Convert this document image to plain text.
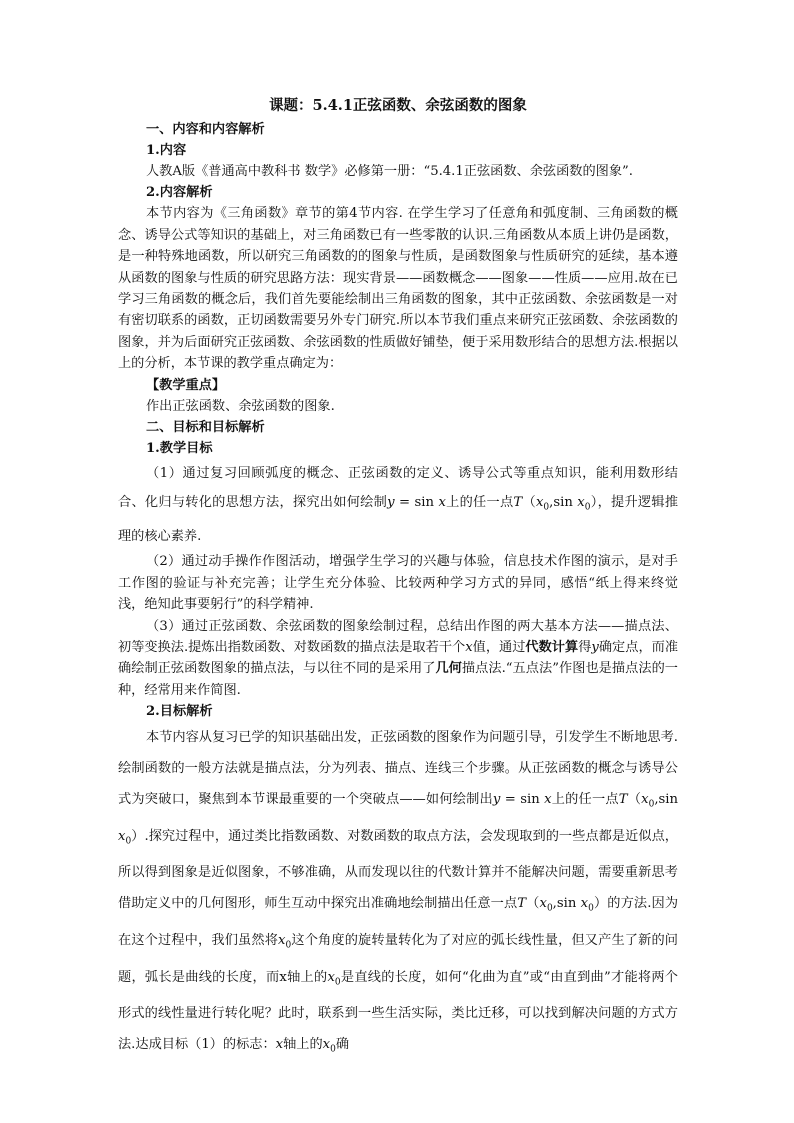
课题：5.4.1正弦函数、余弦函数的图象
一、内容和内容解析
1.内容

人教A版《普通高中教科书 数学》必修第一册：“5.4.1正弦函数、余弦函数的图象”.

2.内容解析

本节内容为《三角函数》章节的第4节内容. 在学生学习了任意角和弧度制、三角函数的概念、诱导公式等知识的基础上，对三角函数已有一些零散的认识.三角函数从本质上讲仍是函数，是一种特殊地函数，所以研究三角函数的的图象与性质，是函数图象与性质研究的延续，基本遵从函数的图象与性质的研究思路方法：现实背景——函数概念——图象——性质——应用.故在已学习三角函数的概念后，我们首先要能绘制出三角函数的图象，其中正弦函数、余弦函数是一对有密切联系的函数，正切函数需要另外专门研究.所以本节我们重点来研究正弦函数、余弦函数的图象，并为后面研究正弦函数、余弦函数的性质做好铺垫，便于采用数形结合的思想方法.根据以上的分析，本节课的教学重点确定为：

【教学重点】
作出正弦函数、余弦函数的图象.
二、目标和目标解析
1.教学目标

（1）通过复习回顾弧度的概念、正弦函数的定义、诱导公式等重点知识，能利用数形结合、化归与转化的思想方法，探究出如何绘制y = sin x上的任一点$T(x_0,\sin$ $x_0$），提升逻辑推理的核心素养.

（2）通过动手操作作图活动，增强学生学习的兴趣与体验，信息技术作图的演示，是对手工作图的验证与补充完善；让学生充分体验、比较两种学习方式的异同，感悟“纸上得来终觉浅，绝知此事要躬行”的科学精神.

（3）通过正弦函数、余弦函数的图象绘制过程，总结出作图的两大基本方法——描点法、初等变换法.提炼出指数函数、对数函数的描点法是取若干个x值，通过代数计算得y确定点，而准确绘制正弦函数图象的描点法，与以往不同的是采用了几何描点法.“五点法”作图也是描点法的一种，经常用来作简图.

2.目标解析

本节内容从复习已学的知识基础出发，正弦函数的图象作为问题引导，引发学生不断地思考.绘制函数的一般方法就是描点法，分为列表、描点、连线三个步骤。从正弦函数的概念与诱导公式为突破口，聚焦到本节课最重要的一个突破点——如何绘制出y = sin x上的任一点$T(x_0,\sin$ $x_0$）.探究过程中，通过类比指数函数、对数函数的取点方法，会发现取到的一些点都是近似点，所以得到图象是近似图象，不够准确，从而发现以往的代数计算并不能解决问题，需要重新思考借助定义中的几何图形，师生互动中探究出准确地绘制描出任意一点$T(x_0,\sin$ $x_0$）的方法.因为在这个过程中，我们虽然将$x_0$这个角度的旋转量转化为了对应的弧长线性量，但又产生了新的问题，弧长是曲线的长度，而x轴上的$x_0$是直线的长度，如何“化曲为直”或“由直到曲”才能将两个形式的线性量进行转化呢？此时，联系到一些生活实际，类比迁移，可以找到解决问题的方式方法.达成目标（1）的标志：x轴上的$x_0$确
